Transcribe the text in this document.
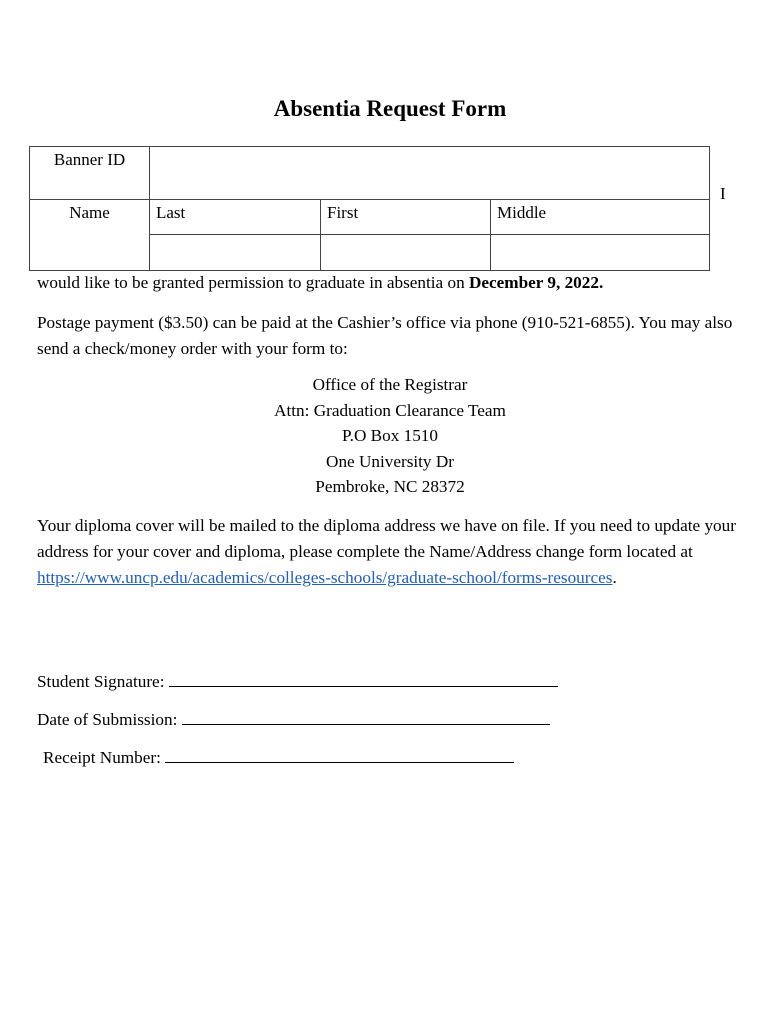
Absentia Request Form
Banner ID			
Name	Last	First	Middle

I
would like to be granted permission to graduate in absentia on December 9, 2022.
Postage payment ($3.50) can be paid at the Cashier’s office via phone (910-521-6855). You may also send a check/money order with your form to:
Office of the Registrar
Attn: Graduation Clearance Team
P.O Box 1510
One University Dr
Pembroke, NC 28372
Your diploma cover will be mailed to the diploma address we have on file. If you need to update your address for your cover and diploma, please complete the Name/Address change form located at https://www.uncp.edu/academics/colleges-schools/graduate-school/forms-resources.
Student Signature:
Date of Submission:
Receipt Number:
